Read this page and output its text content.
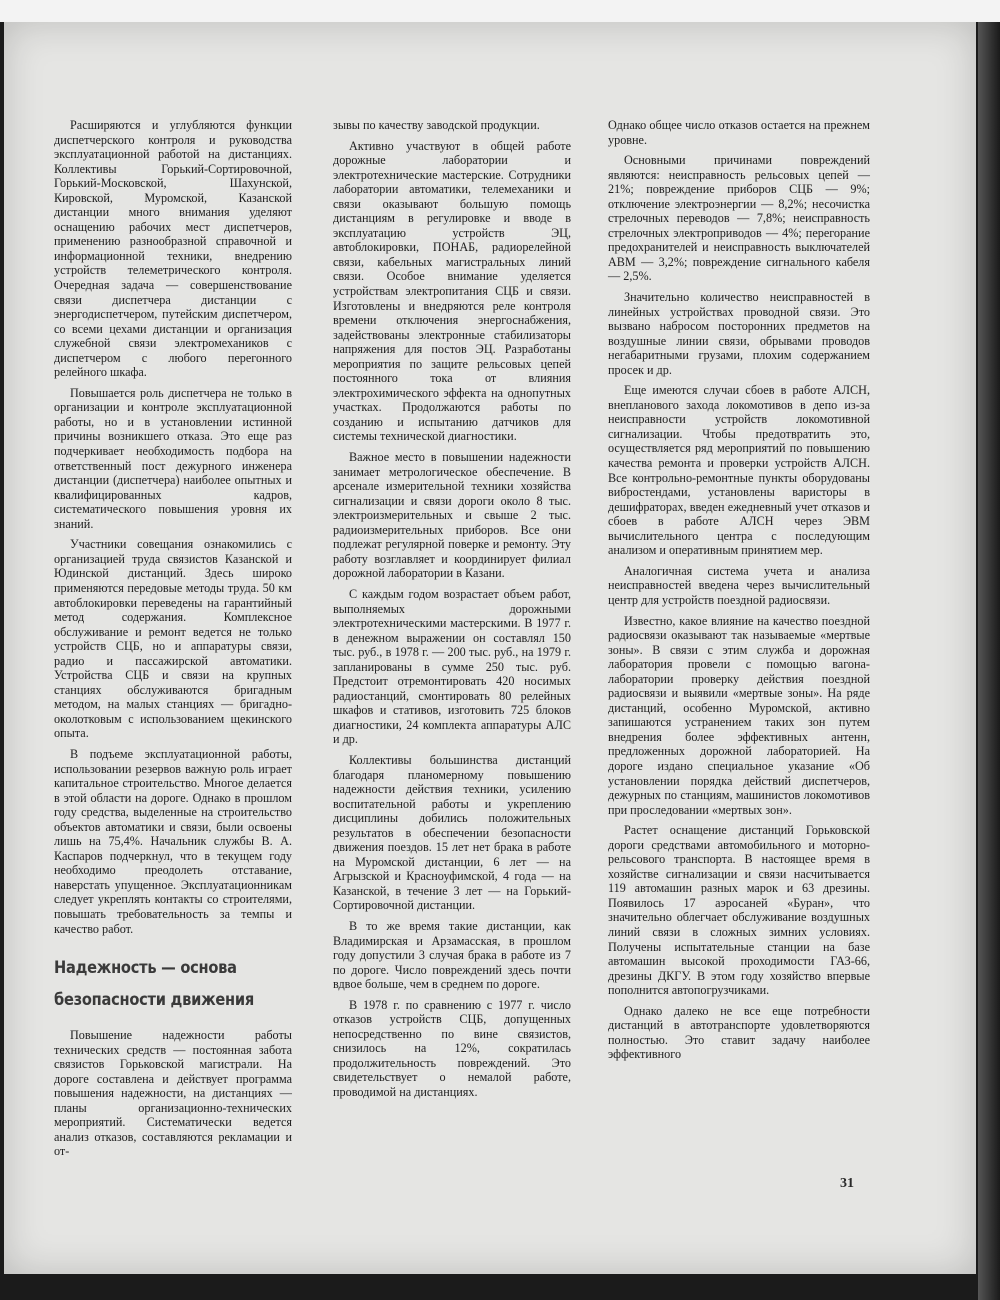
Расширяются и углубляются функции диспетчерского контроля и руководства эксплуатационной работой на дистанциях. Коллективы Горький-Сортировочной, Горький-Московской, Шахунской, Кировской, Муромской, Казанской дистанции много внимания уделяют оснащению рабочих мест диспетчеров, применению разнообразной справочной и информационной техники, внедрению устройств телеметрического контроля. Очередная задача — совершенствование связи диспетчера дистанции с энергодиспетчером, путейским диспетчером, со всеми цехами дистанции и организация служебной связи электромехаников с диспетчером с любого перегонного релейного шкафа.

Повышается роль диспетчера не только в организации и контроле эксплуатационной работы, но и в установлении истинной причины возникшего отказа. Это еще раз подчеркивает необходимость подбора на ответственный пост дежурного инженера дистанции (диспетчера) наиболее опытных и квалифицированных кадров, систематического повышения уровня их знаний.

Участники совещания ознакомились с организацией труда связистов Казанской и Юдинской дистанций. Здесь широко применяются передовые методы труда. 50 км автоблокировки переведены на гарантийный метод содержания. Комплексное обслуживание и ремонт ведется не только устройств СЦБ, но и аппаратуры связи, радио и пассажирской автоматики. Устройства СЦБ и связи на крупных станциях обслуживаются бригадным методом, на малых станциях — бригадно-околотковым с использованием щекинского опыта.

В подъеме эксплуатационной работы, использовании резервов важную роль играет капитальное строительство. Многое делается в этой области на дороге. Однако в прошлом году средства, выделенные на строительство объектов автоматики и связи, были освоены лишь на 75,4%. Начальник службы В. А. Каспаров подчеркнул, что в текущем году необходимо преодолеть отставание, наверстать упущенное. Эксплуатационникам следует укреплять контакты со строителями, повышать требовательность за темпы и качество работ.

Надежность — основа
безопасности движения

Повышение надежности работы технических средств — постоянная забота связистов Горьковской магистрали. На дороге составлена и действует программа повышения надежности, на дистанциях — планы организационно-технических мероприятий. Систематически ведется анализ отказов, составляются рекламации и от-

зывы по качеству заводской продукции.

Активно участвуют в общей работе дорожные лаборатории и электротехнические мастерские. Сотрудники лаборатории автоматики, телемеханики и связи оказывают большую помощь дистанциям в регулировке и вводе в эксплуатацию устройств ЭЦ, автоблокировки, ПОНАБ, радиорелейной связи, кабельных магистральных линий связи. Особое внимание уделяется устройствам электропитания СЦБ и связи. Изготовлены и внедряются реле контроля времени отключения энергоснабжения, задействованы электронные стабилизаторы напряжения для постов ЭЦ. Разработаны мероприятия по защите рельсовых цепей постоянного тока от влияния электрохимического эффекта на однопутных участках. Продолжаются работы по созданию и испытанию датчиков для системы технической диагностики.

Важное место в повышении надежности занимает метрологическое обеспечение. В арсенале измерительной техники хозяйства сигнализации и связи дороги около 8 тыс. электроизмерительных и свыше 2 тыс. радиоизмерительных приборов. Все они подлежат регулярной поверке и ремонту. Эту работу возглавляет и координирует филиал дорожной лаборатории в Казани.

С каждым годом возрастает объем работ, выполняемых дорожными электротехническими мастерскими. В 1977 г. в денежном выражении он составлял 150 тыс. руб., в 1978 г. — 200 тыс. руб., на 1979 г. запланированы в сумме 250 тыс. руб. Предстоит отремонтировать 420 носимых радиостанций, смонтировать 80 релейных шкафов и стативов, изготовить 725 блоков диагностики, 24 комплекта аппаратуры АЛС и др.

Коллективы большинства дистанций благодаря планомерному повышению надежности действия техники, усилению воспитательной работы и укреплению дисциплины добились положительных результатов в обеспечении безопасности движения поездов. 15 лет нет брака в работе на Муромской дистанции, 6 лет — на Агрызской и Красноуфимской, 4 года — на Казанской, в течение 3 лет — на Горький-Сортировочной дистанции.

В то же время такие дистанции, как Владимирская и Арзамасская, в прошлом году допустили 3 случая брака в работе из 7 по дороге. Число повреждений здесь почти вдвое больше, чем в среднем по дороге.

В 1978 г. по сравнению с 1977 г. число отказов устройств СЦБ, допущенных непосредственно по вине связистов, снизилось на 12%, сократилась продолжительность повреждений. Это свидетельствует о немалой работе, проводимой на дистанциях.

Однако общее число отказов остается на прежнем уровне.

Основными причинами повреждений являются: неисправность рельсовых цепей — 21%; повреждение приборов СЦБ — 9%; отключение электроэнергии — 8,2%; несочистка стрелочных переводов — 7,8%; неисправность стрелочных электроприводов — 4%; перегорание предохранителей и неисправность выключателей АВМ — 3,2%; повреждение сигнального кабеля — 2,5%.

Значительно количество неисправностей в линейных устройствах проводной связи. Это вызвано набросом посторонних предметов на воздушные линии связи, обрывами проводов негабаритными грузами, плохим содержанием просек и др.

Еще имеются случаи сбоев в работе АЛСН, внепланового захода локомотивов в депо из-за неисправности устройств локомотивной сигнализации. Чтобы предотвратить это, осуществляется ряд мероприятий по повышению качества ремонта и проверки устройств АЛСН. Все контрольно-ремонтные пункты оборудованы вибростендами, установлены варисторы в дешифраторах, введен ежедневный учет отказов и сбоев в работе АЛСН через ЭВМ вычислительного центра с последующим анализом и оперативным принятием мер.

Аналогичная система учета и анализа неисправностей введена через вычислительный центр для устройств поездной радиосвязи.

Известно, какое влияние на качество поездной радиосвязи оказывают так называемые «мертвые зоны». В связи с этим служба и дорожная лаборатория провели с помощью вагона-лаборатории проверку действия поездной радиосвязи и выявили «мертвые зоны». На ряде дистанций, особенно Муромской, активно запишаются устранением таких зон путем внедрения более эффективных антенн, предложенных дорожной лабораторией. На дороге издано специальное указание «Об установлении порядка действий диспетчеров, дежурных по станциям, машинистов локомотивов при проследовании «мертвых зон».

Растет оснащение дистанций Горьковской дороги средствами автомобильного и моторно-рельсового транспорта. В настоящее время в хозяйстве сигнализации и связи насчитывается 119 автомашин разных марок и 63 дрезины. Появилось 17 аэросаней «Буран», что значительно облегчает обслуживание воздушных линий связи в сложных зимних условиях. Получены испытательные станции на базе автомашин высокой проходимости ГАЗ-66, дрезины ДКГУ. В этом году хозяйство впервые пополнится автопогрузчиками.

Однако далеко не все еще потребности дистанций в автотранспорте удовлетворяются полностью. Это ставит задачу наиболее эффективного

31
